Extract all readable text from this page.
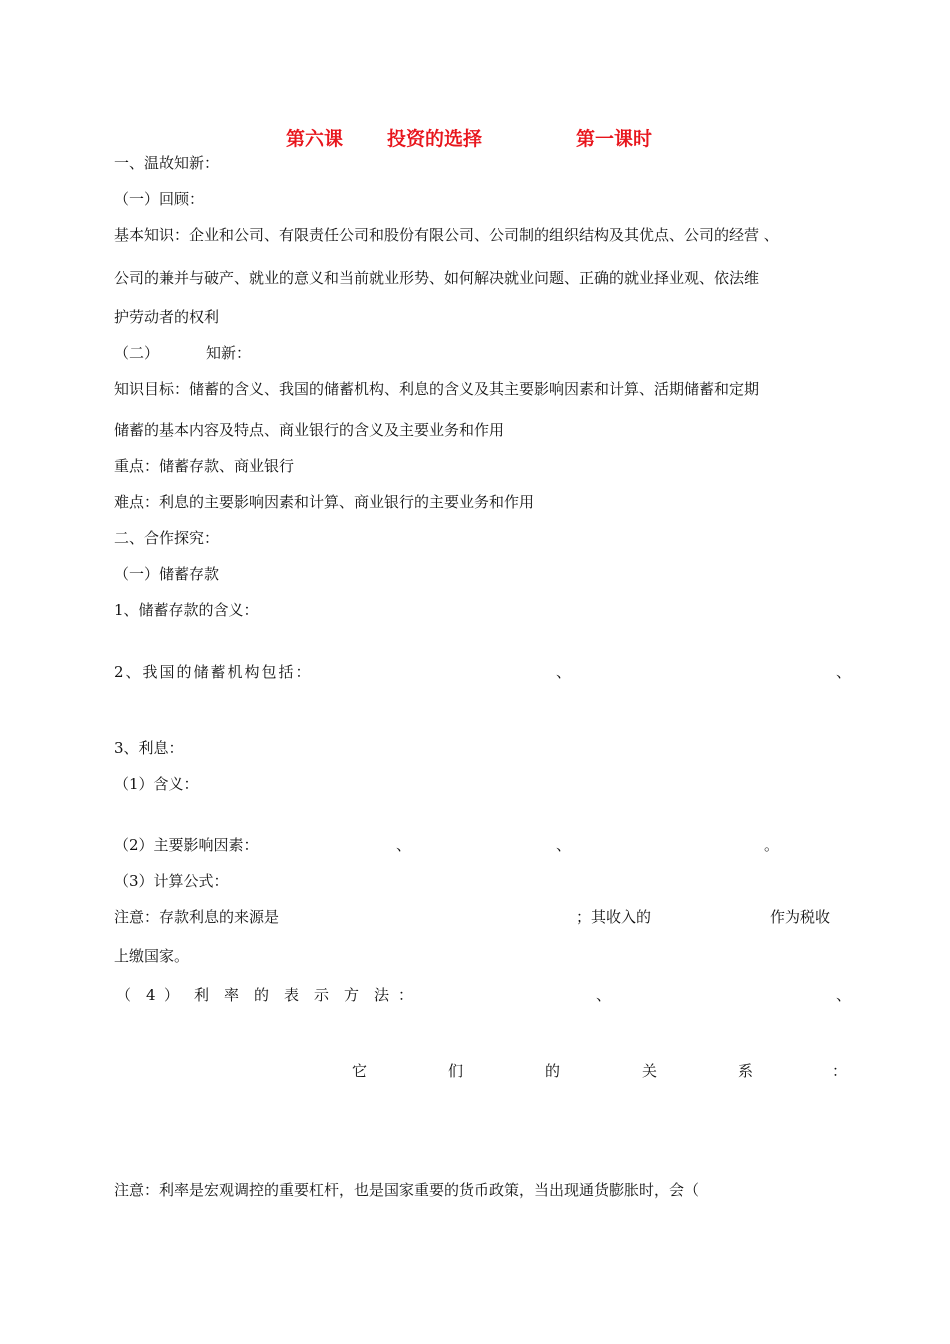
第六课 投资的选择	第一课时
一、温故知新：
（一）回顾：
基本知识：企业和公司、有限责任公司和股份有限公司、公司制的组织结构及其优点、公司的经营 、
公司的兼并与破产、就业的意义和当前就业形势、如何解决就业问题、正确的就业择业观、依法维
护劳动者的权利
（二）	知新：
知识目标：储蓄的含义、我国的储蓄机构、利息的含义及其主要影响因素和计算、活期储蓄和定期
储蓄的基本内容及特点、商业银行的含义及主要业务和作用
重点：储蓄存款、商业银行
难点：利息的主要影响因素和计算、商业银行的主要业务和作用
二、合作探究：
（一）储蓄存款
1、储蓄存款的含义：
2、我国的储蓄机构包括：	、	、
3、利息：
（1）含义：
（2）主要影响因素：	、	、	。
（3）计算公式：
注意：存款利息的来源是	；其收入的	作为税收
上缴国家。
（ 4 ） 利 率 的 表 示 方 法 ：	、	、
它	们	的	关	系	：
注意：利率是宏观调控的重要杠杆，也是国家重要的货币政策，当出现通货膨胀时，会（
